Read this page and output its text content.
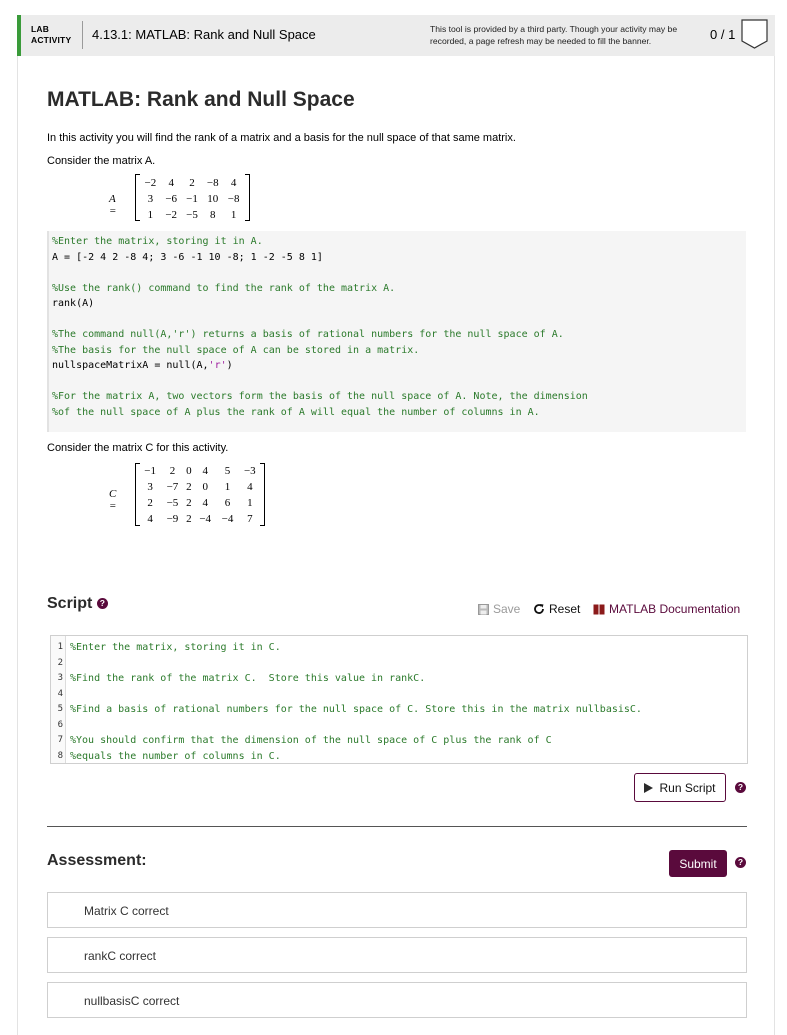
LAB
ACTIVITY 4.13.1: MATLAB: Rank and Null Space	This tool is provided by a third party. Though your activity may be recorded, a page refresh may be needed to fill the banner.	0 / 1
MATLAB: Rank and Null Space
In this activity you will find the rank of a matrix and a basis for the null space of that same matrix.
Consider the matrix A.
A =
−2	4	2	−8	4
3	−6	−1	10	−8
1	−2	−5	8	1
%Enter the matrix, storing it in A.
A = [-2 4 2 -8 4; 3 -6 -1 10 -8; 1 -2 -5 8 1]
%Use the rank() command to find the rank of the matrix A.
rank(A)
%The command null(A,'r') returns a basis of rational numbers for the null space of A.
%The basis for the null space of A can be stored in a matrix.
nullspaceMatrixA = null(A,'r')
%For the matrix A, two vectors form the basis of the null space of A. Note, the dimension
%of the null space of A plus the rank of A will equal the number of columns in A.
Consider the matrix C for this activity.
C =
−1	2	0	4	5	−3
3	−7	2	0	1	4
2	−5	2	4	6	1
4	−9	2	−4	−4	7
Script ?	Save Reset MATLAB Documentation
1 %Enter the matrix, storing it in C.
2
3 %Find the rank of the matrix C.  Store this value in rankC.
4
5 %Find a basis of rational numbers for the null space of C. Store this in the matrix nullbasisC.
6
7 %You should confirm that the dimension of the null space of C plus the rank of C
8 %equals the number of columns in C.
Run Script	?
Assessment:	Submit	?
Matrix C correct
rankC correct
nullbasisC correct
